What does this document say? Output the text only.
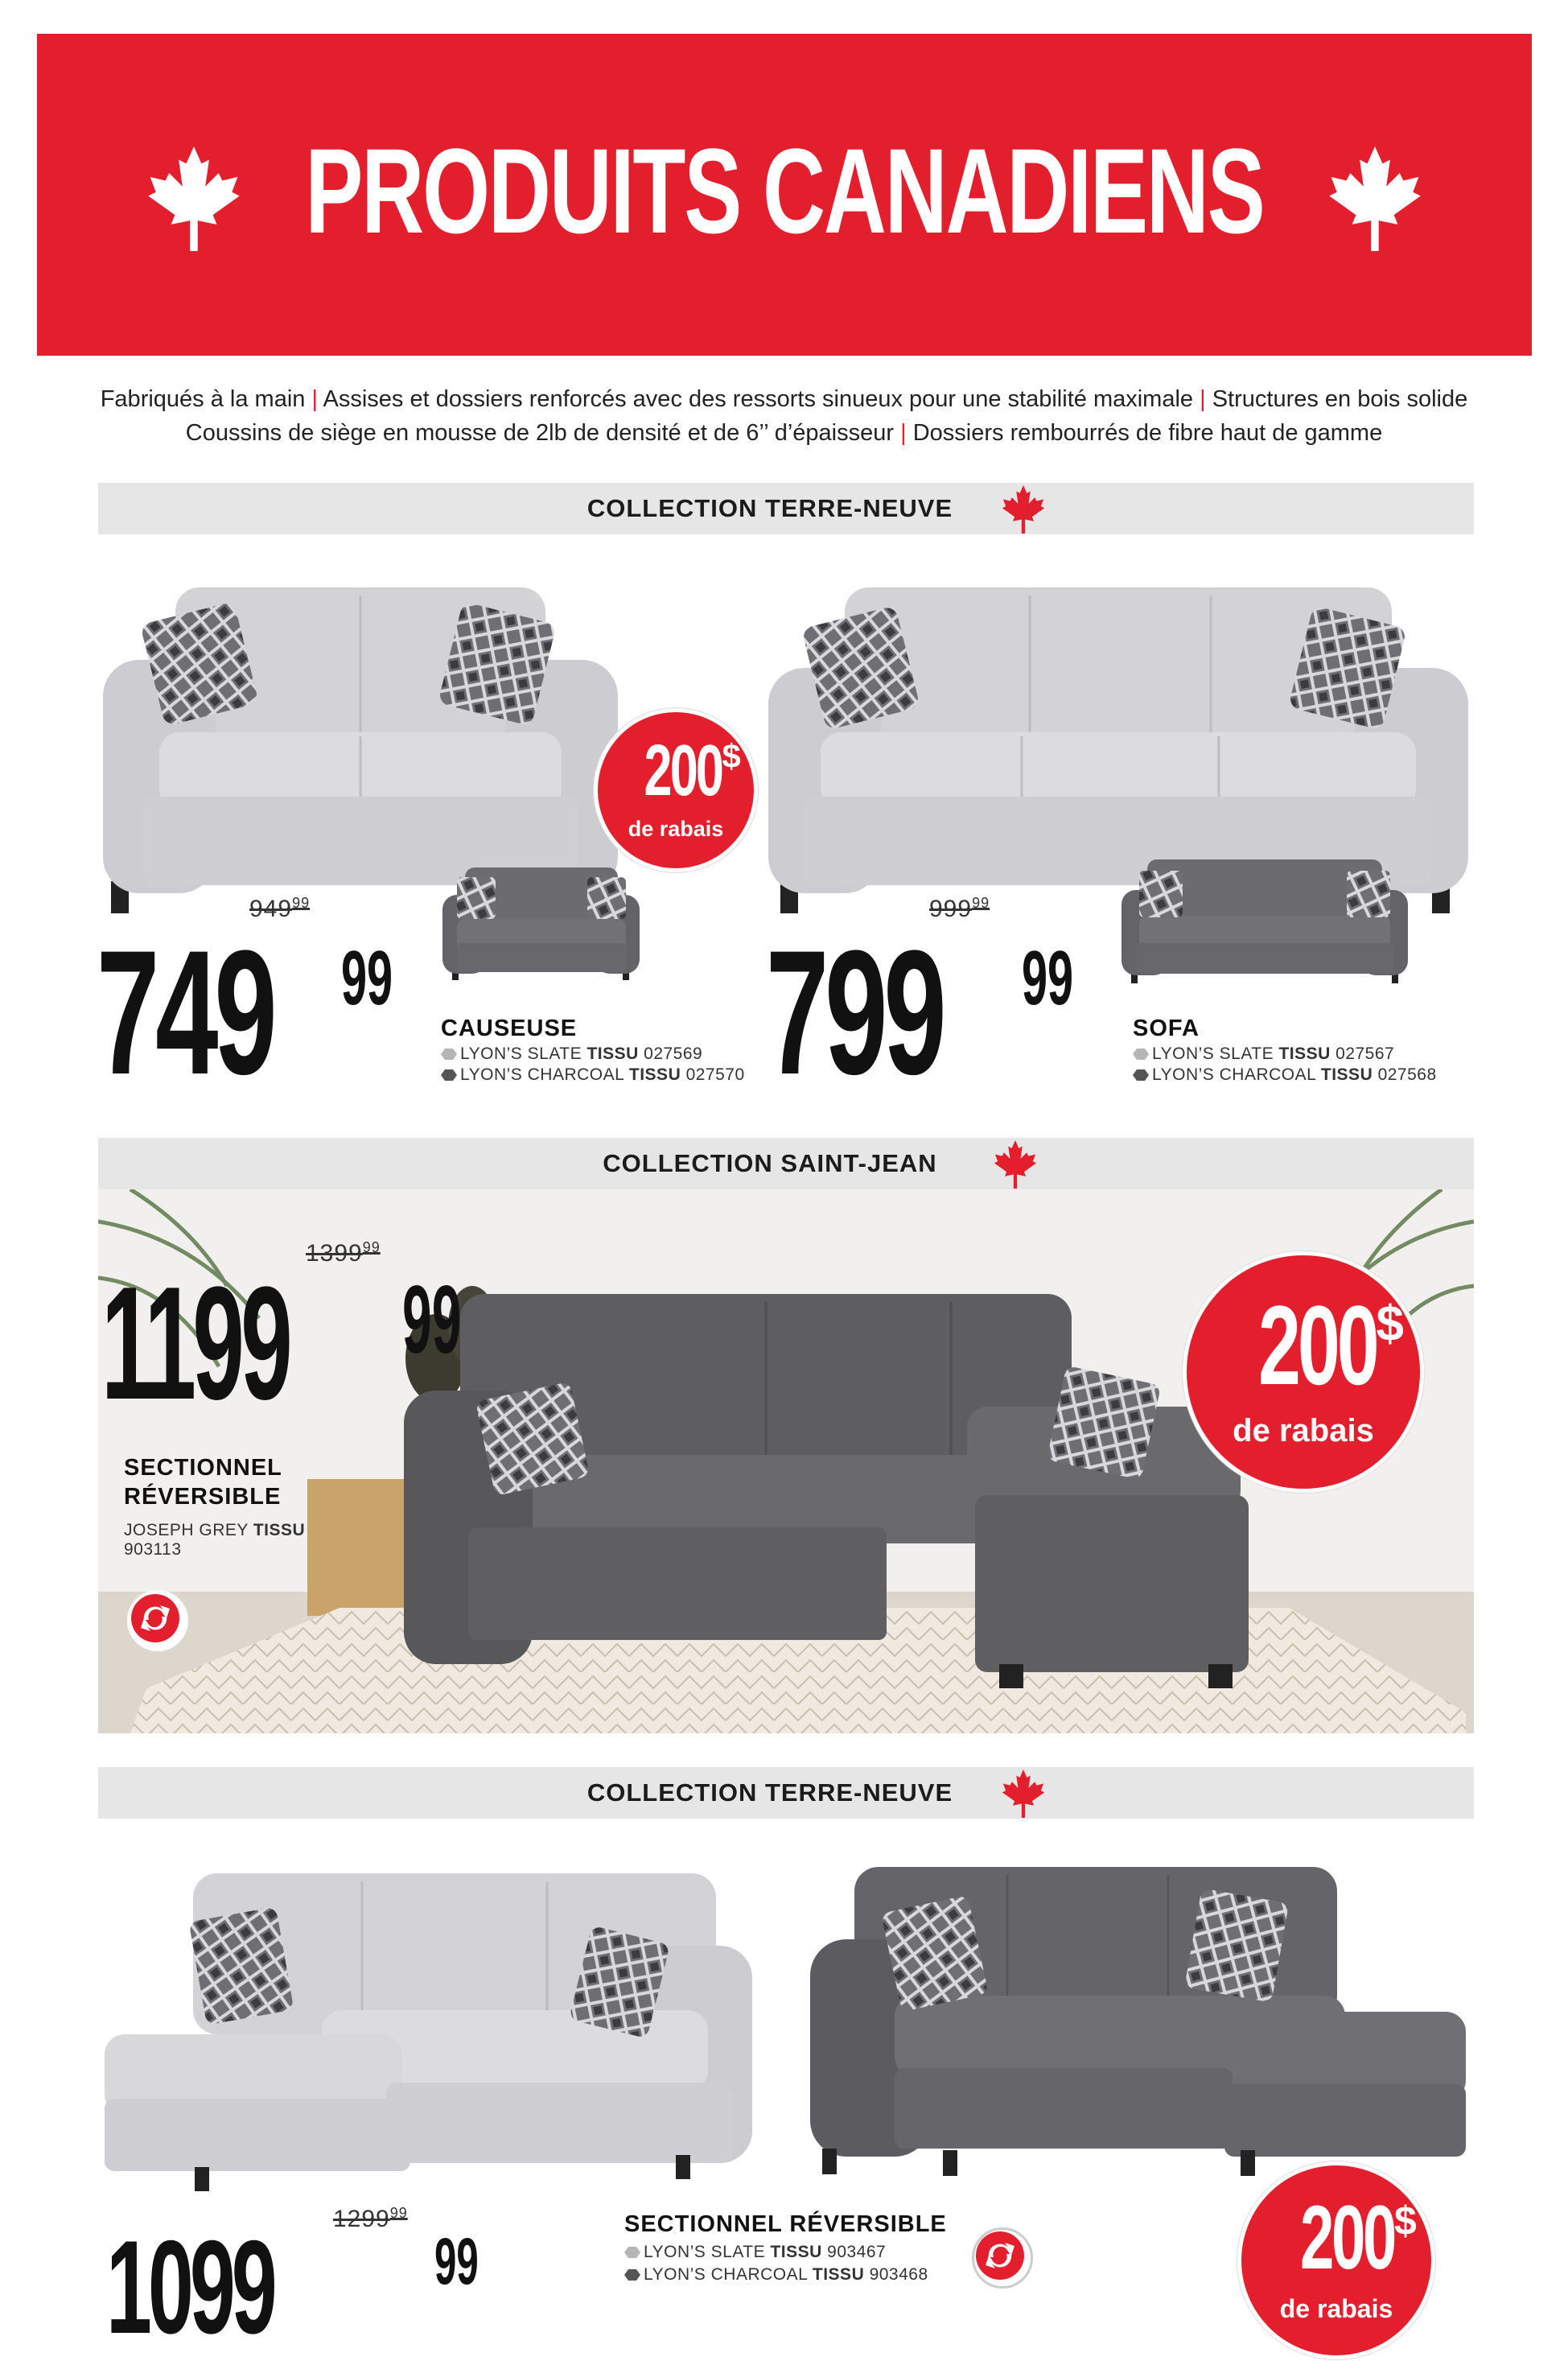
PRODUITS CANADIENS
Fabriqués à la main | Assises et dossiers renforcés avec des ressorts sinueux pour une stabilité maximale | Structures en bois solide
Coussins de siège en mousse de 2lb de densité et de 6’’ d’épaisseur | Dossiers rembourrés de fibre haut de gamme
COLLECTION TERRE-NEUVE
200$
de rabais
$949^{99}$
749 99
CAUSEUSE
LYON’S SLATE TISSU 027569
LYON’S CHARCOAL TISSU 027570
$999^{99}$
799 99
SOFA
LYON’S SLATE TISSU 027567
LYON’S CHARCOAL TISSU 027568
COLLECTION SAINT-JEAN
1399$^{99}$
1199 99
SECTIONNEL
RÉVERSIBLE
JOSEPH GREY TISSU
903113
200$
de rabais
COLLECTION TERRE-NEUVE
1299$^{99}$
1099 99
SECTIONNEL RÉVERSIBLE
LYON’S SLATE TISSU 903467
LYON’S CHARCOAL TISSU 903468	200$
de rabais
